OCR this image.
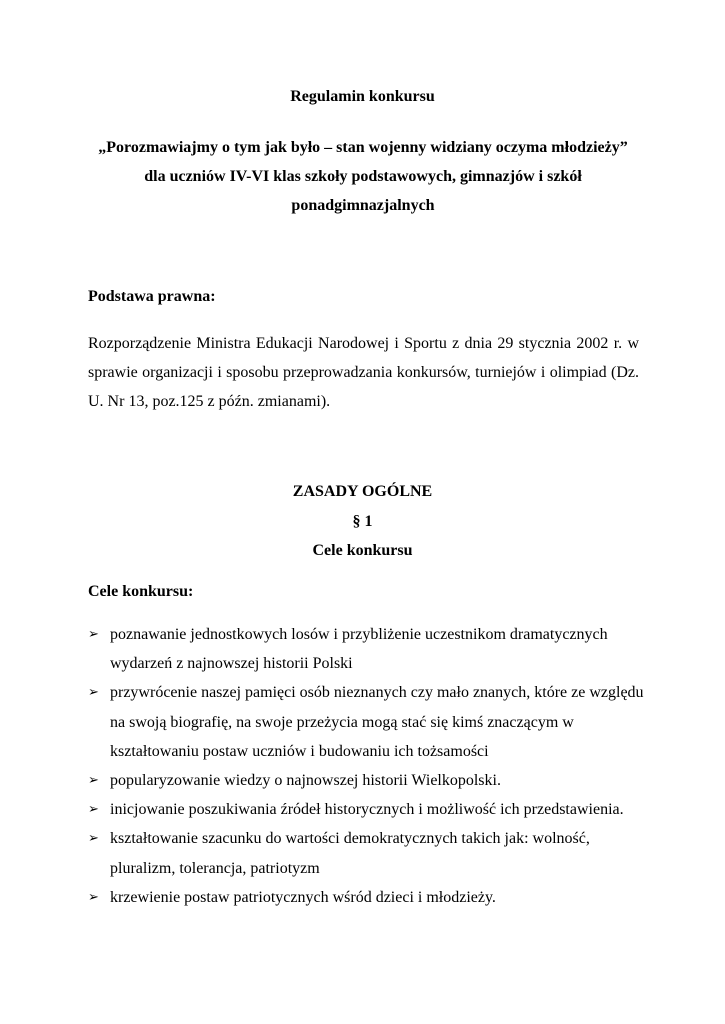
Regulamin konkursu

„Porozmawiajmy o tym jak było – stan wojenny widziany oczyma młodzieży” dla uczniów IV-VI klas szkoły podstawowych, gimnazjów i szkół ponadgimnazjalnych

Podstawa prawna:

Rozporządzenie Ministra Edukacji Narodowej i Sportu z dnia 29 stycznia 2002 r. w sprawie organizacji i sposobu przeprowadzania konkursów, turniejów i olimpiad (Dz. U. Nr 13, poz.125 z późn. zmianami).

ZASADY OGÓLNE

§ 1

Cele konkursu

Cele konkursu:

➢ poznawanie jednostkowych losów i przybliżenie uczestnikom dramatycznych wydarzeń z najnowszej historii Polski
➢ przywrócenie naszej pamięci osób nieznanych czy mało znanych, które ze względu na swoją biografię, na swoje przeżycia mogą stać się kimś znaczącym w kształtowaniu postaw uczniów i budowaniu ich tożsamości
➢ popularyzowanie wiedzy o najnowszej historii Wielkopolski.
➢ inicjowanie poszukiwania źródeł historycznych i możliwość ich przedstawienia.
➢ kształtowanie szacunku do wartości demokratycznych takich jak: wolność, pluralizm, tolerancja, patriotyzm
➢ krzewienie postaw patriotycznych wśród dzieci i młodzieży.
